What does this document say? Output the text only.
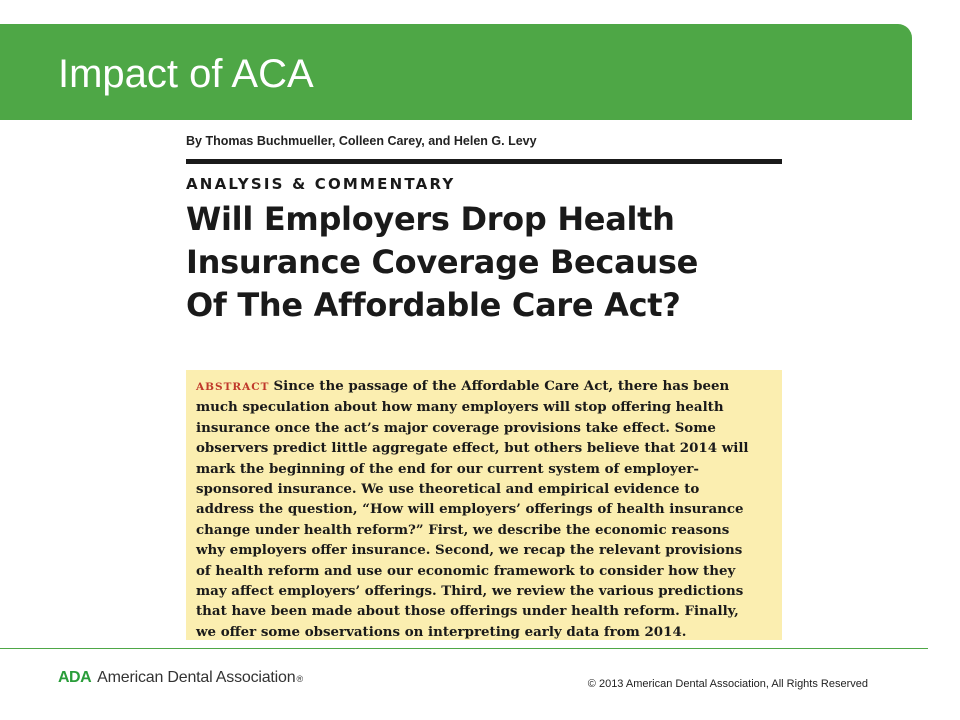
Impact of ACA
By Thomas Buchmueller, Colleen Carey, and Helen G. Levy
ANALYSIS & COMMENTARY
Will Employers Drop Health
Insurance Coverage Because
Of The Affordable Care Act?
ABSTRACT Since the passage of the Affordable Care Act, there has been
much speculation about how many employers will stop offering health
insurance once the act’s major coverage provisions take effect. Some
observers predict little aggregate effect, but others believe that 2014 will
mark the beginning of the end for our current system of employer-
sponsored insurance. We use theoretical and empirical evidence to
address the question, “How will employers’ offerings of health insurance
change under health reform?” First, we describe the economic reasons
why employers offer insurance. Second, we recap the relevant provisions
of health reform and use our economic framework to consider how they
may affect employers’ offerings. Third, we review the various predictions
that have been made about those offerings under health reform. Finally,
we offer some observations on interpreting early data from 2014.
ADA American Dental Association ®	© 2013 American Dental Association, All Rights Reserved
